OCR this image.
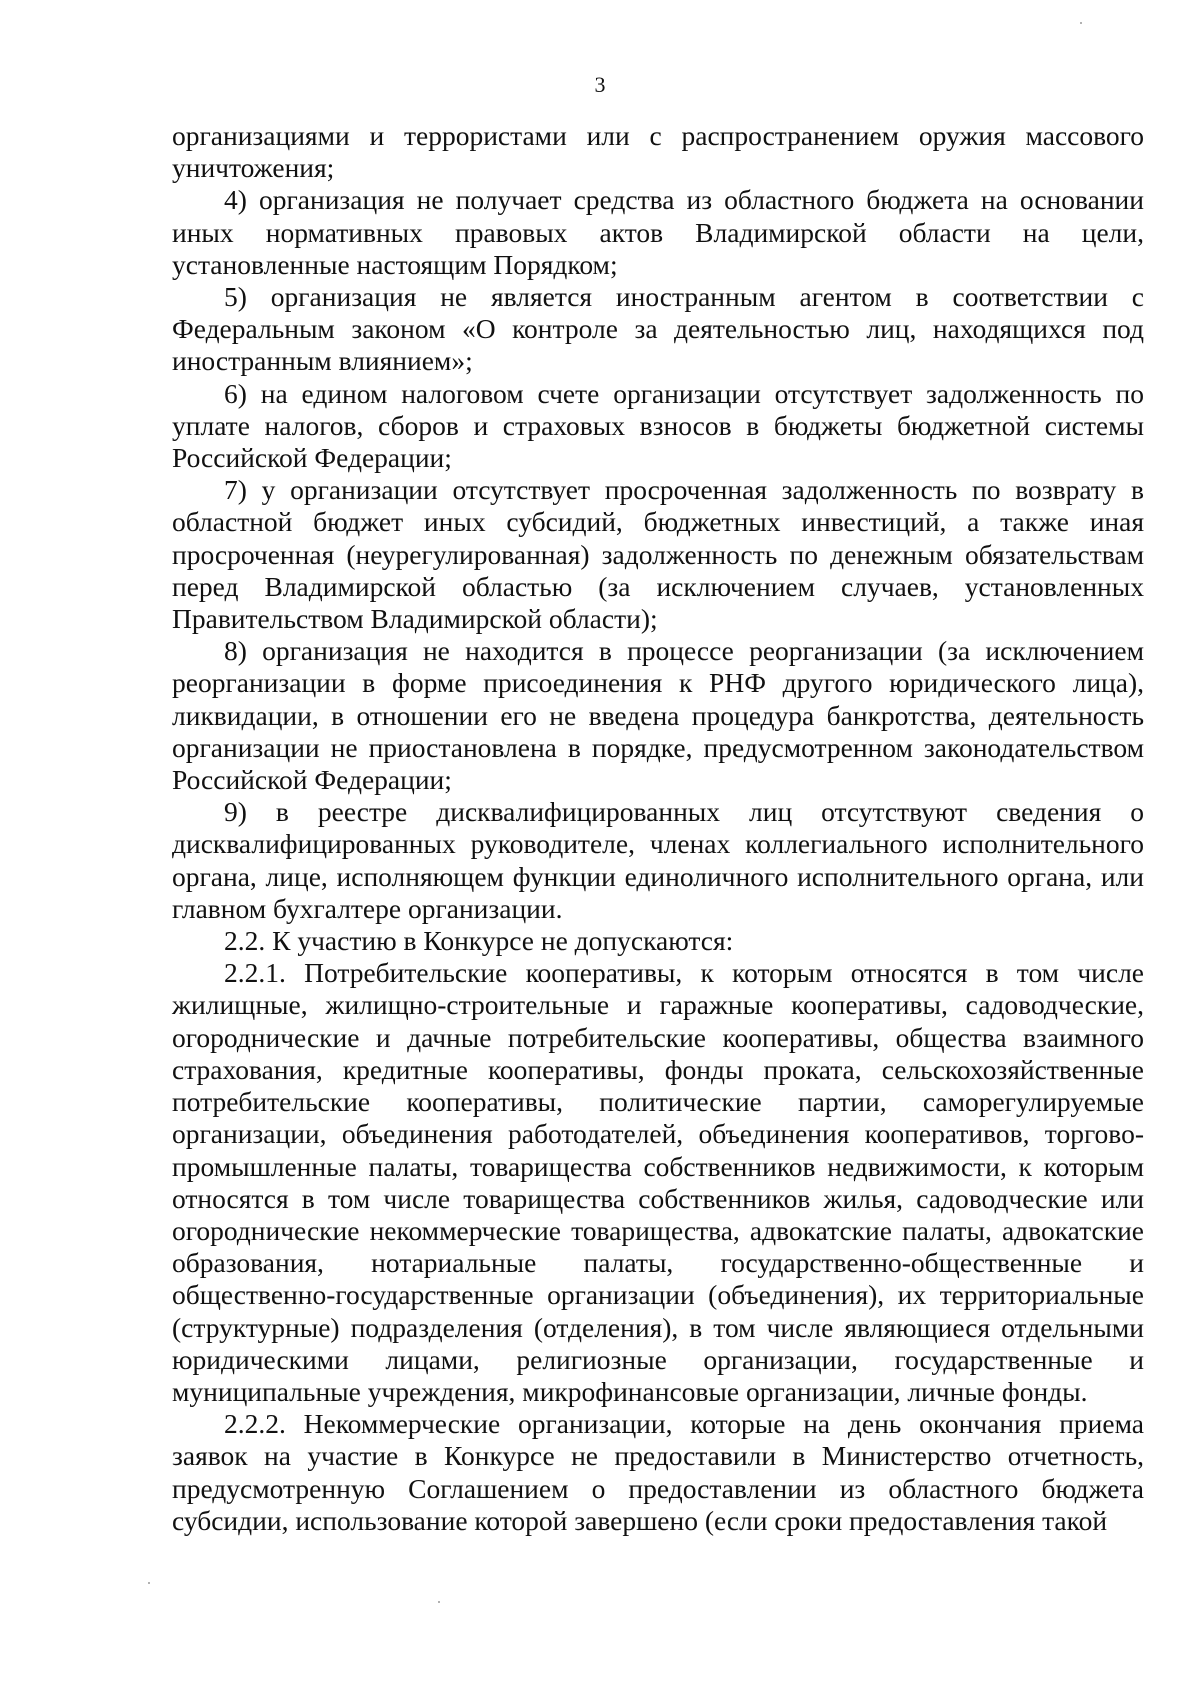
3

организациями и террористами или с распространением оружия массового уничтожения;

4) организация не получает средства из областного бюджета на основании иных нормативных правовых актов Владимирской области на цели, установленные настоящим Порядком;

5) организация не является иностранным агентом в соответствии с Федеральным законом «О контроле за деятельностью лиц, находящихся под иностранным влиянием»;

6) на едином налоговом счете организации отсутствует задолженность по уплате налогов, сборов и страховых взносов в бюджеты бюджетной системы Российской Федерации;

7) у организации отсутствует просроченная задолженность по возврату в областной бюджет иных субсидий, бюджетных инвестиций, а также иная просроченная (неурегулированная) задолженность по денежным обязательствам перед Владимирской областью (за исключением случаев, установленных Правительством Владимирской области);

8) организация не находится в процессе реорганизации (за исключением реорганизации в форме присоединения к РНФ другого юридического лица), ликвидации, в отношении его не введена процедура банкротства, деятельность организации не приостановлена в порядке, предусмотренном законодательством Российской Федерации;

9) в реестре дисквалифицированных лиц отсутствуют сведения о дисквалифицированных руководителе, членах коллегиального исполнительного органа, лице, исполняющем функции единоличного исполнительного органа, или главном бухгалтере организации.

2.2. К участию в Конкурсе не допускаются:

2.2.1. Потребительские кооперативы, к которым относятся в том числе жилищные, жилищно-строительные и гаражные кооперативы, садоводческие, огороднические и дачные потребительские кооперативы, общества взаимного страхования, кредитные кооперативы, фонды проката, сельскохозяйственные потребительские кооперативы, политические партии, саморегулируемые организации, объединения работодателей, объединения кооперативов, торгово-промышленные палаты, товарищества собственников недвижимости, к которым относятся в том числе товарищества собственников жилья, садоводческие или огороднические некоммерческие товарищества, адвокатские палаты, адвокатские образования, нотариальные палаты, государственно-общественные и общественно-государственные организации (объединения), их территориальные (структурные) подразделения (отделения), в том числе являющиеся отдельными юридическими лицами, религиозные организации, государственные и муниципальные учреждения, микрофинансовые организации, личные фонды.

2.2.2. Некоммерческие организации, которые на день окончания приема заявок на участие в Конкурсе не предоставили в Министерство отчетность, предусмотренную Соглашением о предоставлении из областного бюджета субсидии, использование которой завершено (если сроки предоставления такой
